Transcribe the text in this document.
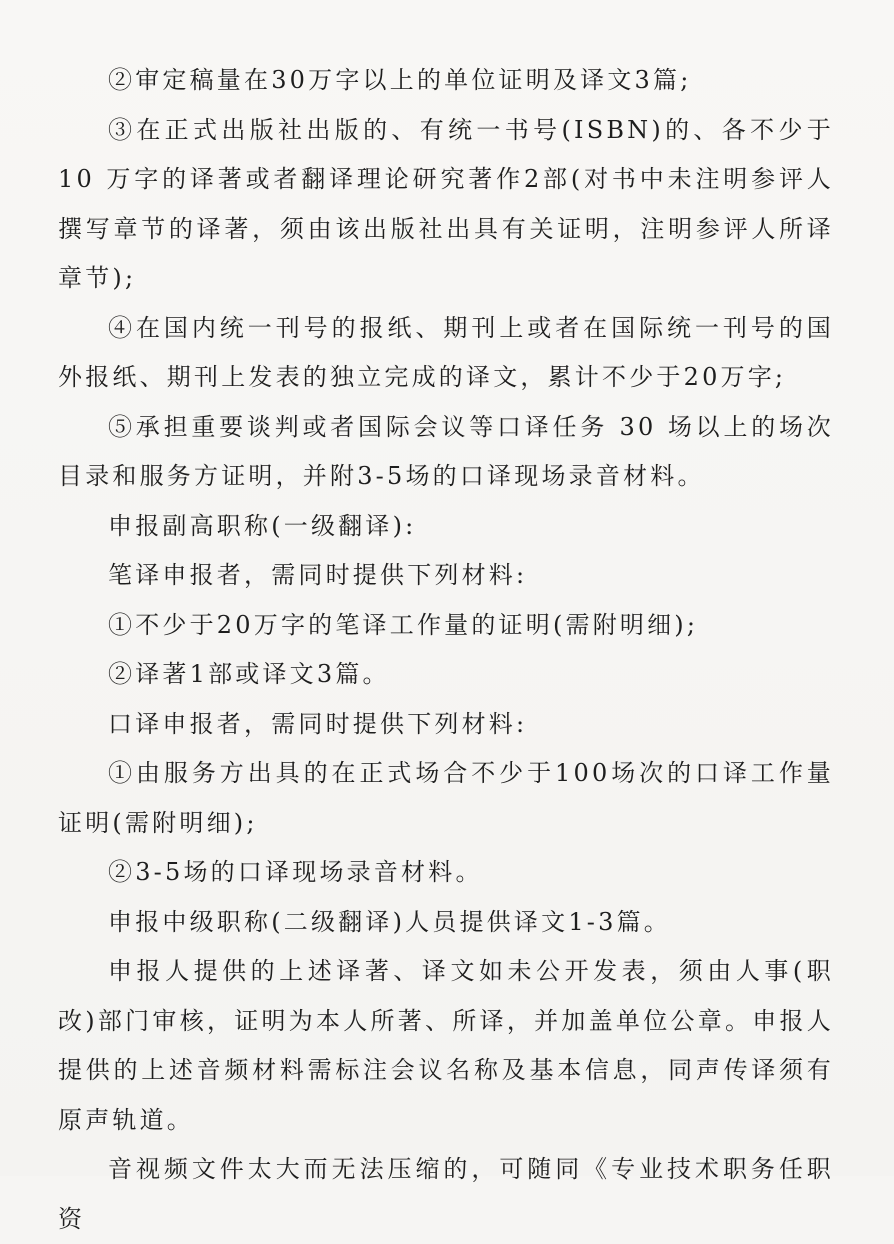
②审定稿量在30万字以上的单位证明及译文3篇;

③在正式出版社出版的、有统一书号(ISBN)的、各不少于 10 万字的译著或者翻译理论研究著作2部(对书中未注明参评人撰写章节的译著，须由该出版社出具有关证明，注明参评人所译章节);

④在国内统一刊号的报纸、期刊上或者在国际统一刊号的国外报纸、期刊上发表的独立完成的译文，累计不少于20万字;

⑤承担重要谈判或者国际会议等口译任务 30 场以上的场次目录和服务方证明，并附3-5场的口译现场录音材料。

申报副高职称(一级翻译):

笔译申报者，需同时提供下列材料:

①不少于20万字的笔译工作量的证明(需附明细);

②译著1部或译文3篇。

口译申报者，需同时提供下列材料:

①由服务方出具的在正式场合不少于100场次的口译工作量证明(需附明细);

②3-5场的口译现场录音材料。

申报中级职称(二级翻译)人员提供译文1-3篇。

申报人提供的上述译著、译文如未公开发表，须由人事(职改)部门审核，证明为本人所著、所译，并加盖单位公章。申报人提供的上述音频材料需标注会议名称及基本信息，同声传译须有原声轨道。

音视频文件太大而无法压缩的，可随同《专业技术职务任职资
